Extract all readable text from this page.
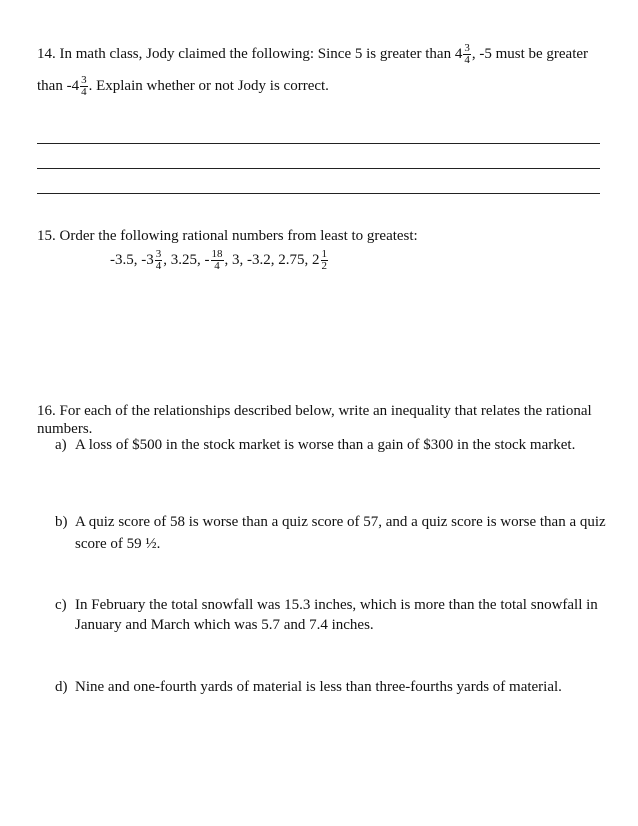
14. In math class, Jody claimed the following: Since 5 is greater than $4 \frac{3}{4}$ , -5 must be greater
than $-4 \frac{3}{4}$ . Explain whether or not Jody is correct.
15. Order the following rational numbers from least to greatest:
-3.5, $-3 \frac{3}{4}$ , 3.25, - $\frac{18}{4}$ , 3, -3.2, 2.75, $2 \frac{1}{2}$
16. For each of the relationships described below, write an inequality that relates the rational
numbers.
a) A loss of $500 in the stock market is worse than a gain of $300 in the stock market.
b) A quiz score of 58 is worse than a quiz score of 57, and a quiz score is worse than a quiz
score of 59 ½.
c) In February the total snowfall was 15.3 inches, which is more than the total snowfall in
January and March which was 5.7 and 7.4 inches.
d) Nine and one-fourth yards of material is less than three-fourths yards of material.
